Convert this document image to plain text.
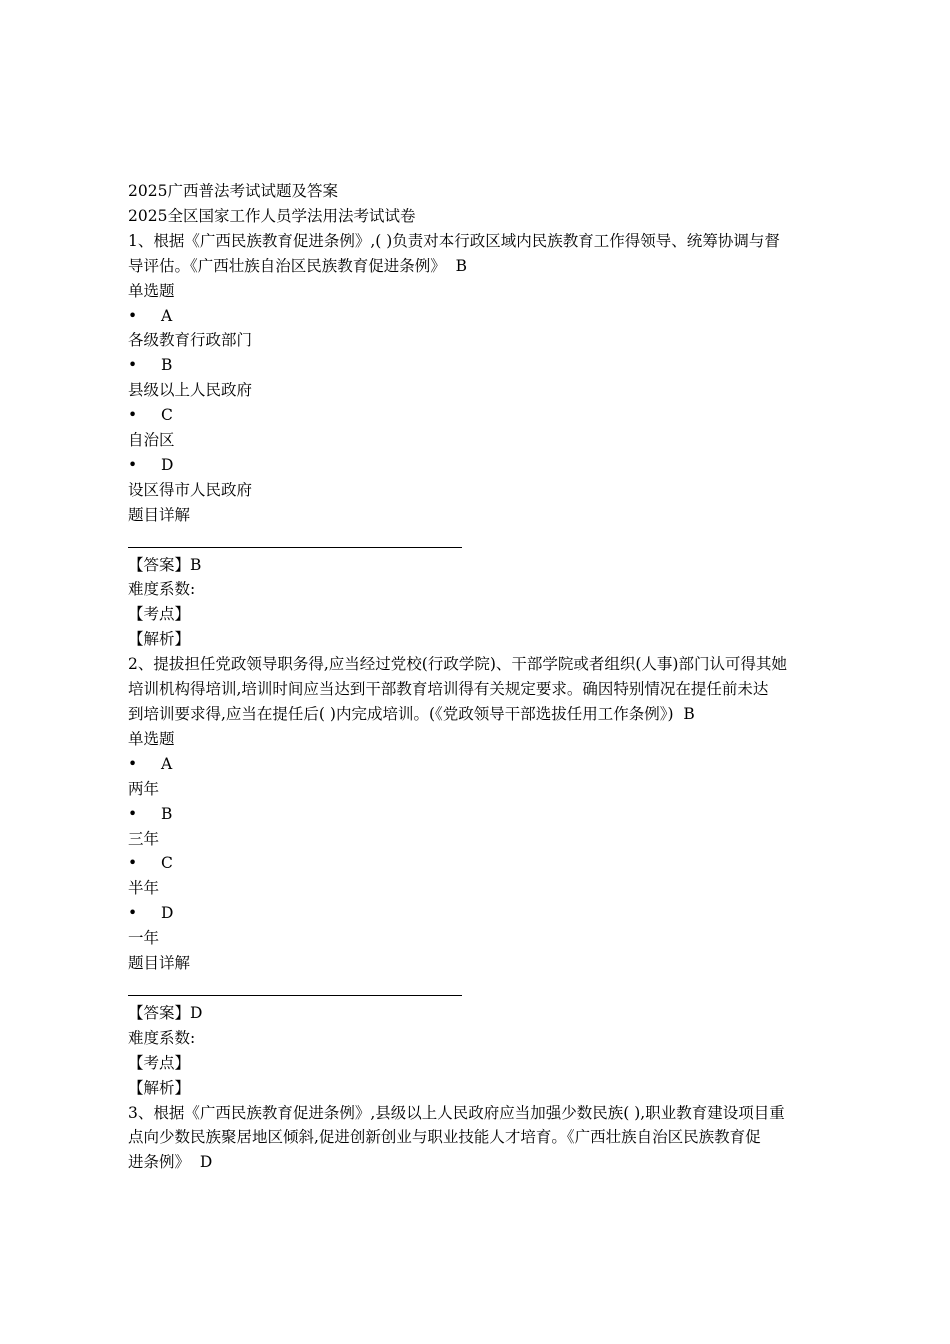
2025广西普法考试试题及答案

2025全区国家工作人员学法用法考试试卷

1、根据《广西民族教育促进条例》,( )负责对本行政区域内民族教育工作得领导、统筹协调与督

导评估。《广西壮族自治区民族教育促进条例》  B

单选题

•	A

各级教育行政部门

•	B

县级以上人民政府

•	C

自治区

•	D

设区得市人民政府

题目详解

【答案】B

难度系数:

【考点】

【解析】

2、提拔担任党政领导职务得,应当经过党校(行政学院)、干部学院或者组织(人事)部门认可得其她

培训机构得培训,培训时间应当达到干部教育培训得有关规定要求。确因特别情况在提任前未达

到培训要求得,应当在提任后( )内完成培训。(《党政领导干部选拔任用工作条例》)  B

单选题

•	A

两年

•	B

三年

•	C

半年

•	D

一年

题目详解

【答案】D

难度系数:

【考点】

【解析】

3、根据《广西民族教育促进条例》,县级以上人民政府应当加强少数民族( ),职业教育建设项目重

点向少数民族聚居地区倾斜,促进创新创业与职业技能人才培育。《广西壮族自治区民族教育促

进条例》  D
